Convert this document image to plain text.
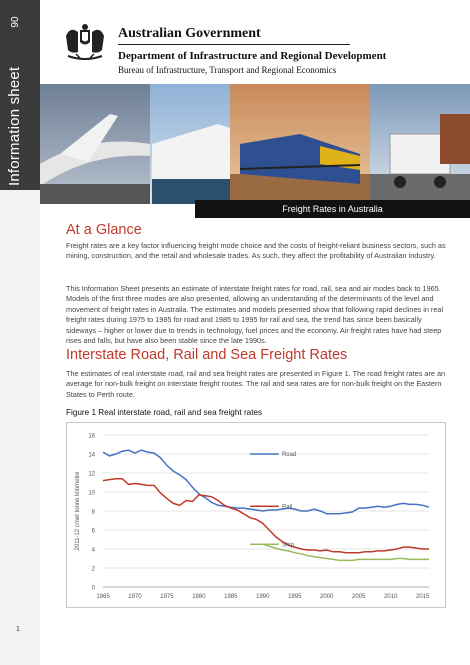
90
Information sheet
1
Australian Government
Department of Infrastructure and Regional Development
Bureau of Infrastructure, Transport and Regional Economics
Freight Rates in Australia
At a Glance

Freight rates are a key factor influencing freight mode choice and the costs of freight-reliant business sectors, such as mining, construction, and the retail and wholesale trades. As such, they affect the profitability of Australian industry.

This Information Sheet presents an estimate of interstate freight rates for road, rail, sea and air modes back to 1965. Models of the first three modes are also presented, allowing an understanding of the determinants of the level and movement of freight rates in Australia. The estimates and models presented show that following rapid declines in real freight rates during 1975 to 1985 for road and 1985 to 1995 for rail and sea, the trend has since been basically sideways – higher or lower due to trends in technology, fuel prices and the economy. Air freight rates have had steep rises and falls, but have also been stable since the late 1990s.

Interstate Road, Rail and Sea Freight Rates

The estimates of real interstate road, rail and sea freight rates are presented in Figure 1. The road freight rates are an average for non-bulk freight on interstate freight routes. The rail and sea rates are for non-bulk freight on the Eastern States to Perth route.

Figure 1 Real interstate road, rail and sea freight rates
0
2
4
6
8
10
12
14
16
1965	1970	1975	1980	1985	1990	1995	2000	2005	2010	2015
2011-12 c/net tonne kilometre
Road
Rail
Ship
